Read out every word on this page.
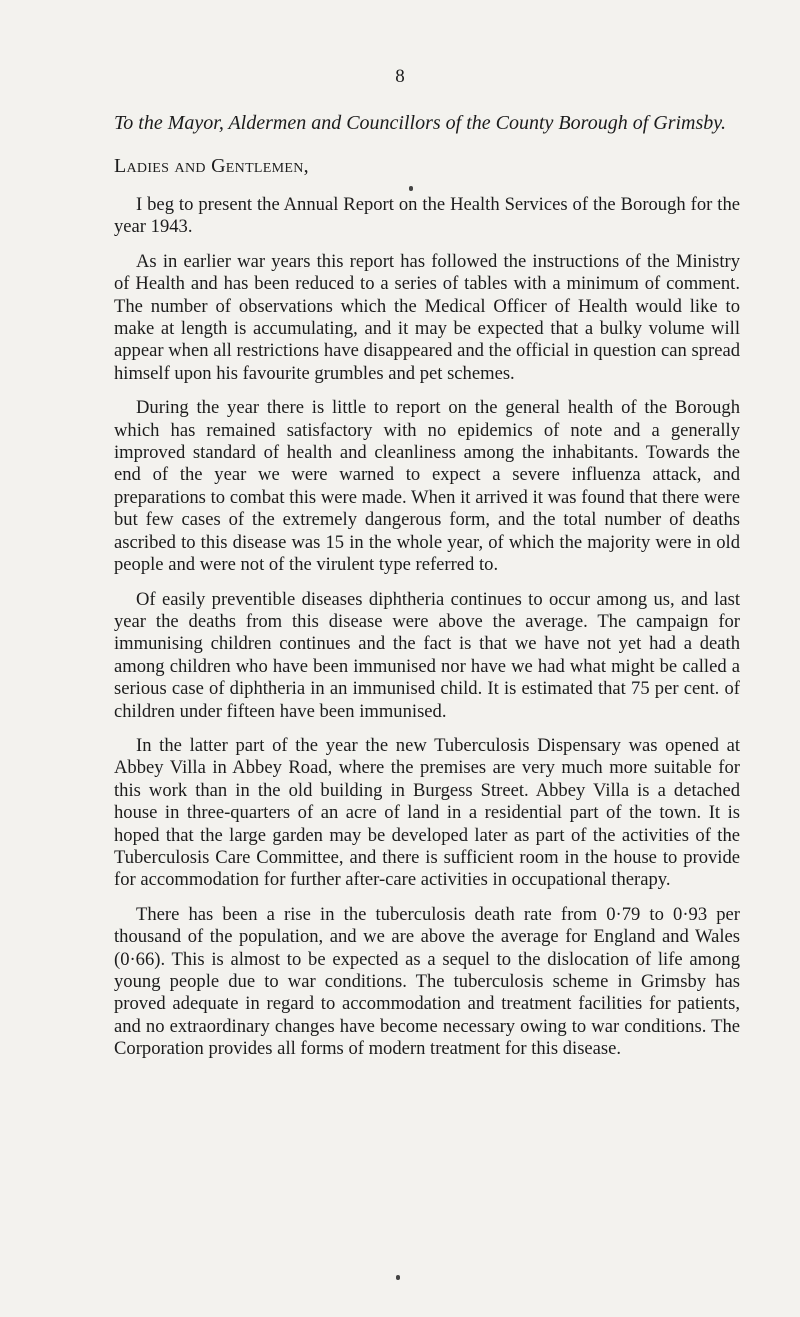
8

To the Mayor, Aldermen and Councillors of the County Borough of Grimsby.

Ladies and Gentlemen,

I beg to present the Annual Report on the Health Services of the Borough for the year 1943.

As in earlier war years this report has followed the instructions of the Ministry of Health and has been reduced to a series of tables with a minimum of comment. The number of observations which the Medical Officer of Health would like to make at length is accumulating, and it may be expected that a bulky volume will appear when all restrictions have disappeared and the official in question can spread himself upon his favourite grumbles and pet schemes.

During the year there is little to report on the general health of the Borough which has remained satisfactory with no epidemics of note and a generally improved standard of health and cleanliness among the inhabitants. Towards the end of the year we were warned to expect a severe influenza attack, and preparations to combat this were made. When it arrived it was found that there were but few cases of the extremely dangerous form, and the total number of deaths ascribed to this disease was 15 in the whole year, of which the majority were in old people and were not of the virulent type referred to.

Of easily preventible diseases diphtheria continues to occur among us, and last year the deaths from this disease were above the average. The campaign for immunising children continues and the fact is that we have not yet had a death among children who have been immunised nor have we had what might be called a serious case of diphtheria in an immunised child. It is estimated that 75 per cent. of children under fifteen have been immunised.

In the latter part of the year the new Tuberculosis Dispensary was opened at Abbey Villa in Abbey Road, where the premises are very much more suitable for this work than in the old building in Burgess Street. Abbey Villa is a detached house in three-quarters of an acre of land in a residential part of the town. It is hoped that the large garden may be developed later as part of the activities of the Tuberculosis Care Committee, and there is sufficient room in the house to provide for accommodation for further after-care activities in occupational therapy.

There has been a rise in the tuberculosis death rate from 0·79 to 0·93 per thousand of the population, and we are above the average for England and Wales (0·66). This is almost to be expected as a sequel to the dislocation of life among young people due to war conditions. The tuberculosis scheme in Grimsby has proved adequate in regard to accommodation and treatment facilities for patients, and no extraordinary changes have become necessary owing to war conditions. The Corporation provides all forms of modern treatment for this disease.
